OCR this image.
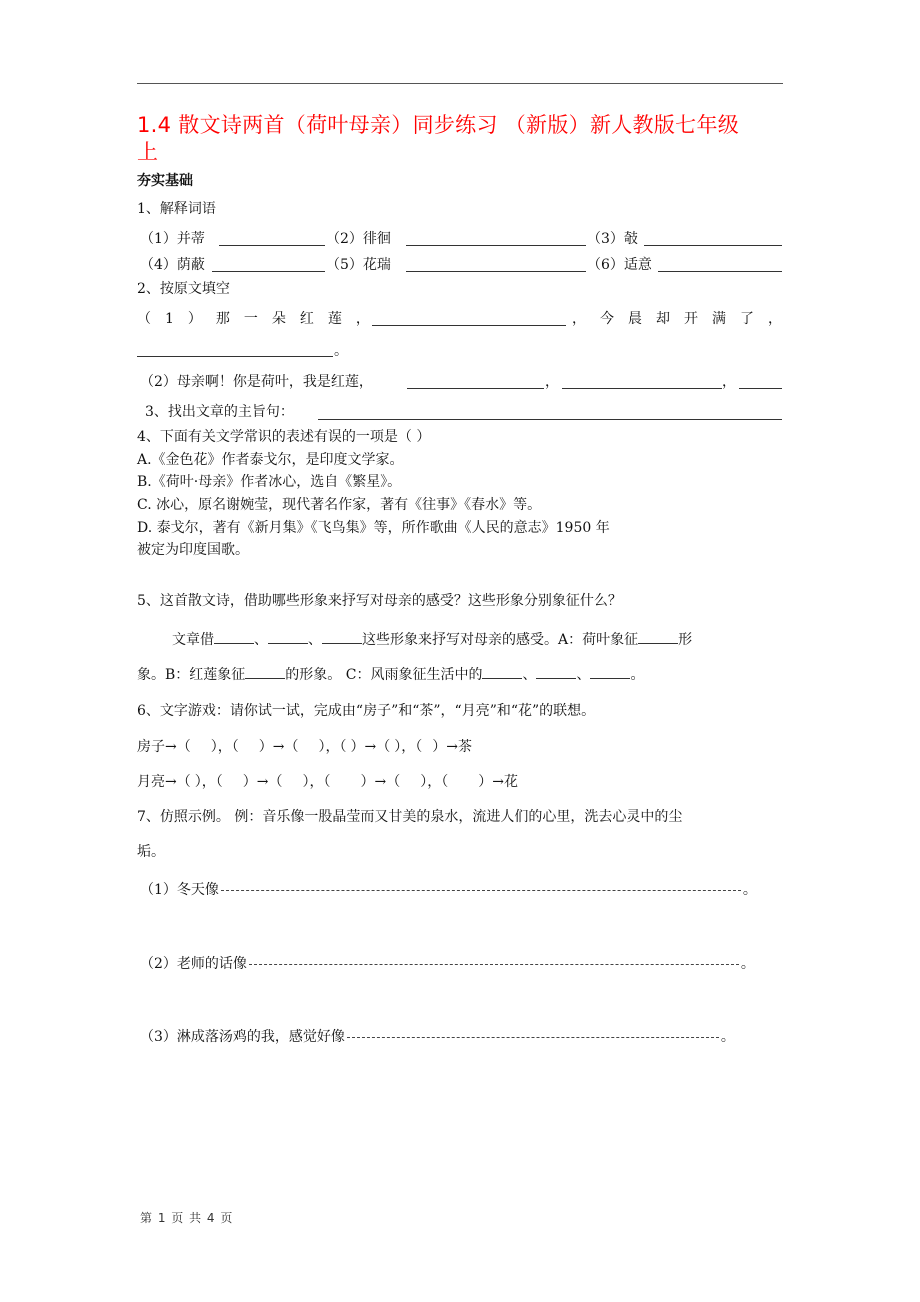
1.4 散文诗两首（荷叶母亲）同步练习 （新版）新人教版七年级
上
夯实基础
1、解释词语
（1）并蒂	（2）徘徊	（3）攲
（4）荫蔽	（5）花瑞	（6）适意
2、按原文填空
（1）那一朵红莲，	，今晨却开满了，
。
（2）母亲啊！你是荷叶，我是红莲，	，	，
3、找出文章的主旨句：
4、下面有关文学常识的表述有误的一项是（ ）
A.《金色花》作者泰戈尔，是印度文学家。
B.《荷叶·母亲》作者冰心，选自《繁星》。
C. 冰心，原名谢婉莹，现代著名作家，著有《往事》《春水》等。
D. 泰戈尔，著有《新月集》《飞鸟集》等，所作歌曲《人民的意志》1950 年
被定为印度国歌。
5、这首散文诗，借助哪些形象来抒写对母亲的感受？这些形象分别象征什么？
文章借	、	、	这些形象来抒写对母亲的感受。A：荷叶象征	形
象。B：红莲象征	的形象。 C：风雨象征生活中的	、	、	。
6、文字游戏：请你试一试，完成由“房子”和“茶”，“月亮”和“花”的联想。
房子→（ ），（ ）→（ ），（ ）→（ ），（ ）→茶
月亮→（ ），（ ）→（ ），（ ）→（ ），（ ）→花
7、仿照示例。 例：音乐像一股晶莹而又甘美的泉水，流进人们的心里，洗去心灵中的尘
垢。
（1）冬天像	。
（2）老师的话像	。
（3）淋成落汤鸡的我，感觉好像	。
第 1 页 共 4 页
